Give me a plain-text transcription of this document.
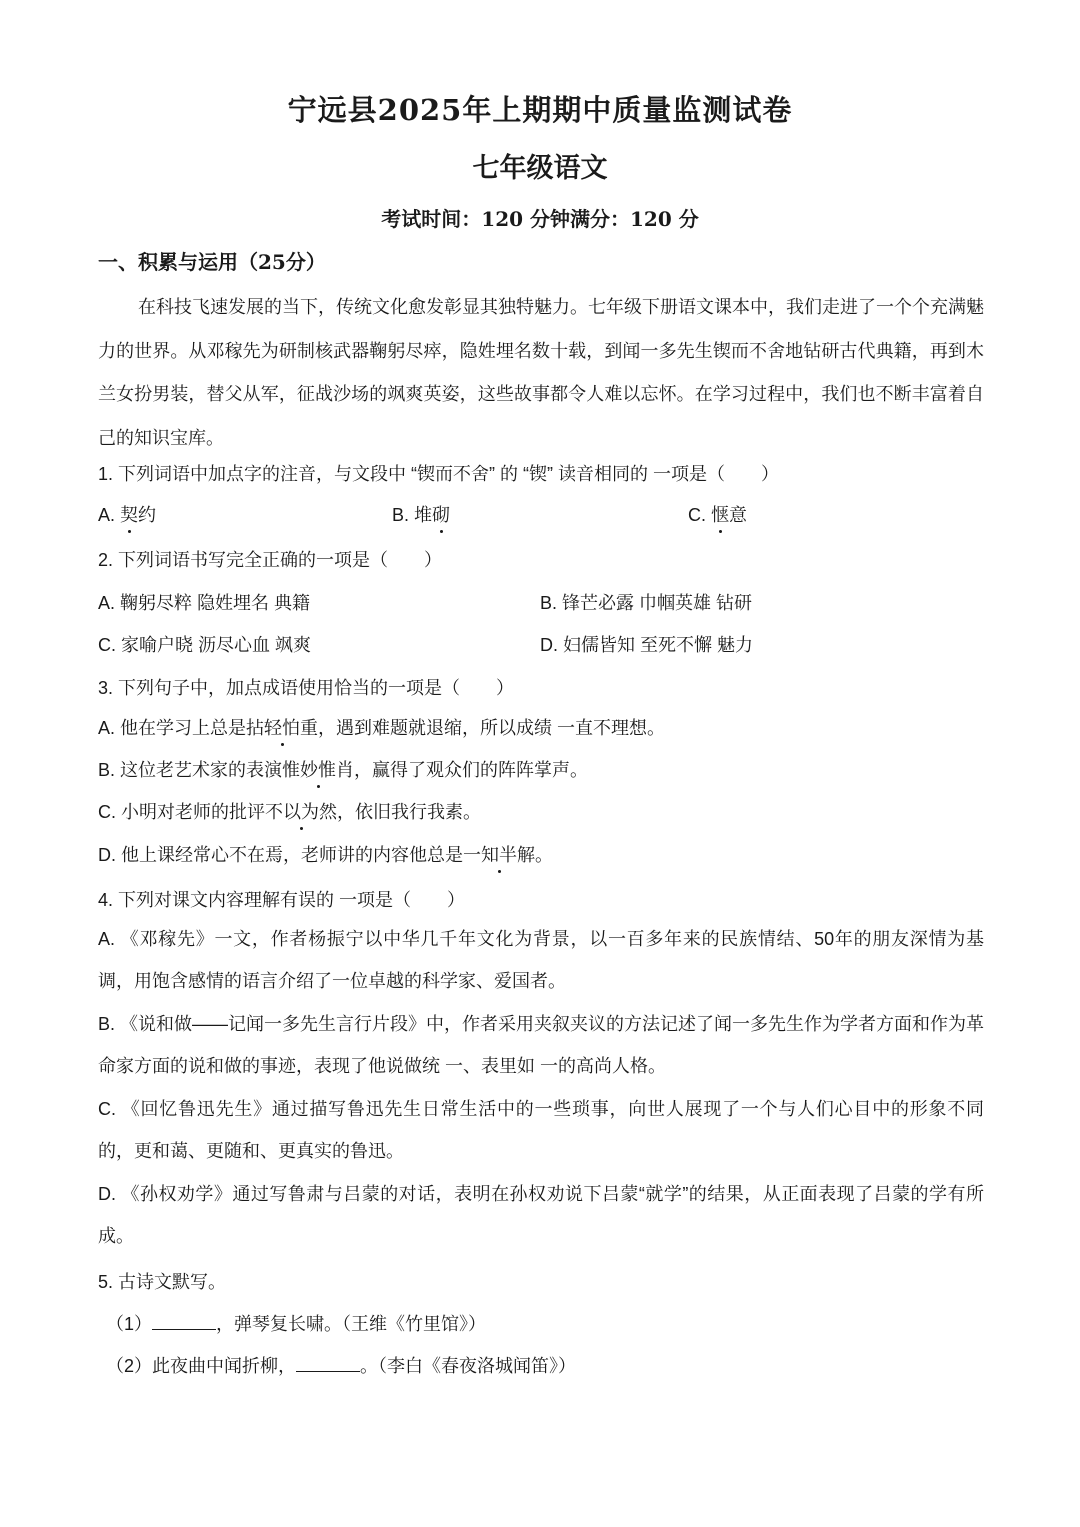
宁远县2025年上期期中质量监测试卷
七年级语文
考试时间：120 分钟满分：120 分
一、积累与运用（25分）
在科技飞速发展的当下，传统文化愈发彰显其独特魅力。七年级下册语文课本中，我们走进了一个个充满魅力的世界。从邓稼先为研制核武器鞠躬尽瘁，隐姓埋名数十载，到闻一多先生锲而不舍地钻研古代典籍，再到木兰女扮男装，替父从军，征战沙场的飒爽英姿，这些故事都令人难以忘怀。在学习过程中，我们也不断丰富着自己的知识宝库。
1. 下列词语中加点字的注音，与文段中 “锲而不舍” 的 “锲” 读音相同的 一项是（　　）
A. 契约	B. 堆砌	C. 惬意
2. 下列词语书写完全正确的一项是（　　）
A. 鞠躬尽粹 隐姓埋名 典籍	B. 锋芒必露 巾帼英雄 钻研
C. 家喻户晓 沥尽心血 飒爽	D. 妇儒皆知 至死不懈 魅力
3. 下列句子中，加点成语使用恰当的一项是（　　）
A. 他在学习上总是拈轻怕重，遇到难题就退缩，所以成绩 一直不理想。
B. 这位老艺术家的表演惟妙惟肖，赢得了观众们的阵阵掌声。
C. 小明对老师的批评不以为然，依旧我行我素。
D. 他上课经常心不在焉，老师讲的内容他总是一知半解。
4. 下列对课文内容理解有误的 一项是（　　）
A. 《邓稼先》一文，作者杨振宁以中华几千年文化为背景，以一百多年来的民族情结、50年的朋友深情为基调，用饱含感情的语言介绍了一位卓越的科学家、爱国者。
B. 《说和做——记闻一多先生言行片段》中，作者采用夹叙夹议的方法记述了闻一多先生作为学者方面和作为革命家方面的说和做的事迹，表现了他说做统 一、表里如 一的高尚人格。
C. 《回忆鲁迅先生》通过描写鲁迅先生日常生活中的一些琐事，向世人展现了一个与人们心目中的形象不同的，更和蔼、更随和、更真实的鲁迅。
D. 《孙权劝学》通过写鲁肃与吕蒙的对话，表明在孙权劝说下吕蒙“就学”的结果，从正面表现了吕蒙的学有所成。
5. 古诗文默写。
（1）	，弹琴复长啸。（王维《竹里馆》）
（2）此夜曲中闻折柳，	。（李白《春夜洛城闻笛》）
